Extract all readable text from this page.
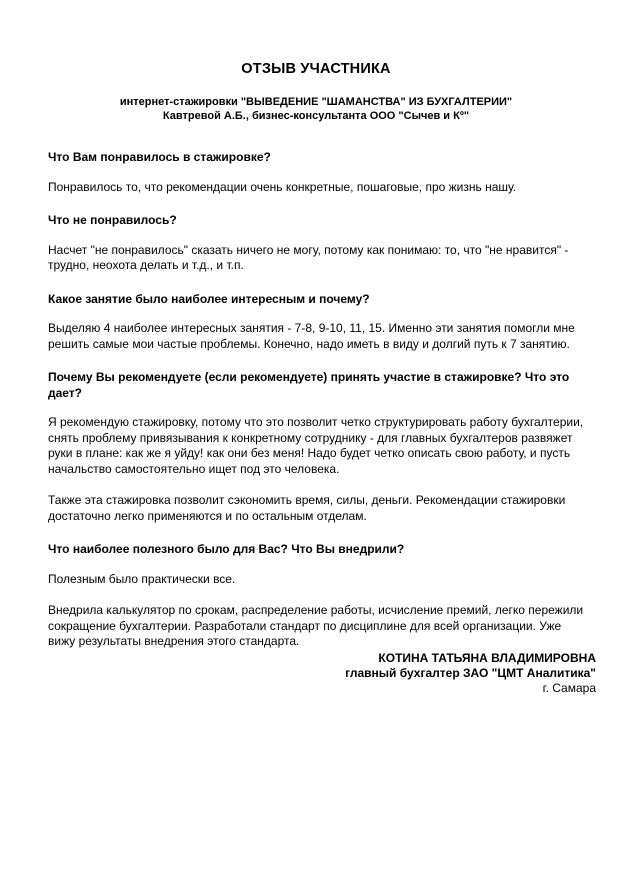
ОТЗЫВ УЧАСТНИКА
интернет-стажировки "ВЫВЕДЕНИЕ "ШАМАНСТВА" ИЗ БУХГАЛТЕРИИ"
Кавтревой А.Б., бизнес-консультанта ООО "Сычев и Кº"

Что Вам понравилось в стажировке?

Понравилось то, что рекомендации очень конкретные, пошаговые, про жизнь нашу.

Что не понравилось?

Насчет "не понравилось" сказать ничего не могу, потому как понимаю: то, что "не нравится" - трудно, неохота делать и т.д., и т.п.

Какое занятие было наиболее интересным и почему?

Выделяю 4 наиболее интересных занятия - 7-8, 9-10, 11, 15. Именно эти занятия помогли мне решить самые мои частые проблемы. Конечно, надо иметь в виду и долгий путь к 7 занятию.

Почему Вы рекомендуете (если рекомендуете) принять участие в стажировке? Что это дает?

Я рекомендую стажировку, потому что это позволит четко структурировать работу бухгалтерии, снять проблему привязывания к конкретному сотруднику - для главных бухгалтеров развяжет руки в плане: как же я уйду! как они без меня! Надо будет четко описать свою работу, и пусть начальство самостоятельно ищет под это человека.

Также эта стажировка позволит сэкономить время, силы, деньги. Рекомендации стажировки достаточно легко применяются и по остальным отделам.

Что наиболее полезного было для Вас? Что Вы внедрили?

Полезным было практически все.

Внедрила калькулятор по срокам, распределение работы, исчисление премий, легко пережили сокращение бухгалтерии. Разработали стандарт по дисциплине для всей организации. Уже вижу результаты внедрения этого стандарта.

КОТИНА ТАТЬЯНА ВЛАДИМИРОВНА
главный бухгалтер ЗАО "ЦМТ Аналитика"
г. Самара
